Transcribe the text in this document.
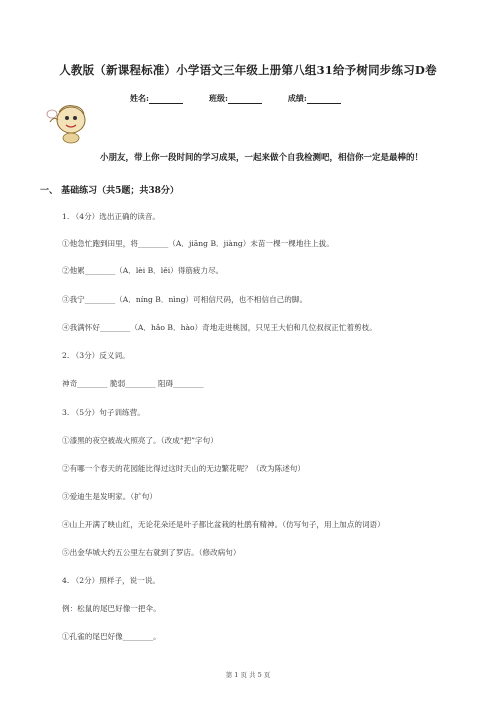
人教版（新课程标准）小学语文三年级上册第八组31给予树同步练习D卷
姓名:	班级:	成绩:
小朋友，带上你一段时间的学习成果，一起来做个自我检测吧，相信你一定是最棒的！
一、 基础练习（共5题；共38分）
1. （4分）选出正确的读音。
①他急忙跑到田里，将________（A．jiāng B．jiàng）未苗一棵一棵地往上拔。
②他累________（A．lèi B．lěi）得筋疲力尽。
③我宁________（A．níng B．nìng）可相信尺码，也不相信自己的脚。
④我满怀好________（A．hǎo B．hào）奇地走进桃园，只见王大伯和几位叔叔正忙着剪枝。
2. （3分）反义词。
神奇________ 脆弱________ 阻碍________
3. （5分）句子训练营。
①漆黑的夜空被战火照亮了。（改成“把”字句）
②有哪一个春天的花园能比得过这时天山的无边繁花呢？（改为陈述句）
③爱迪生是发明家。（扩句）
④山上开满了映山红，无论花朵还是叶子都比盆栽的杜鹃有精神。（仿写句子，用上加点的词语）
⑤出金华城大约五公里左右就到了罗店。（修改病句）
4. （2分）照样子，说一说。
例：松鼠的尾巴好像一把伞。
①孔雀的尾巴好像________。
第 1 页 共 5 页
